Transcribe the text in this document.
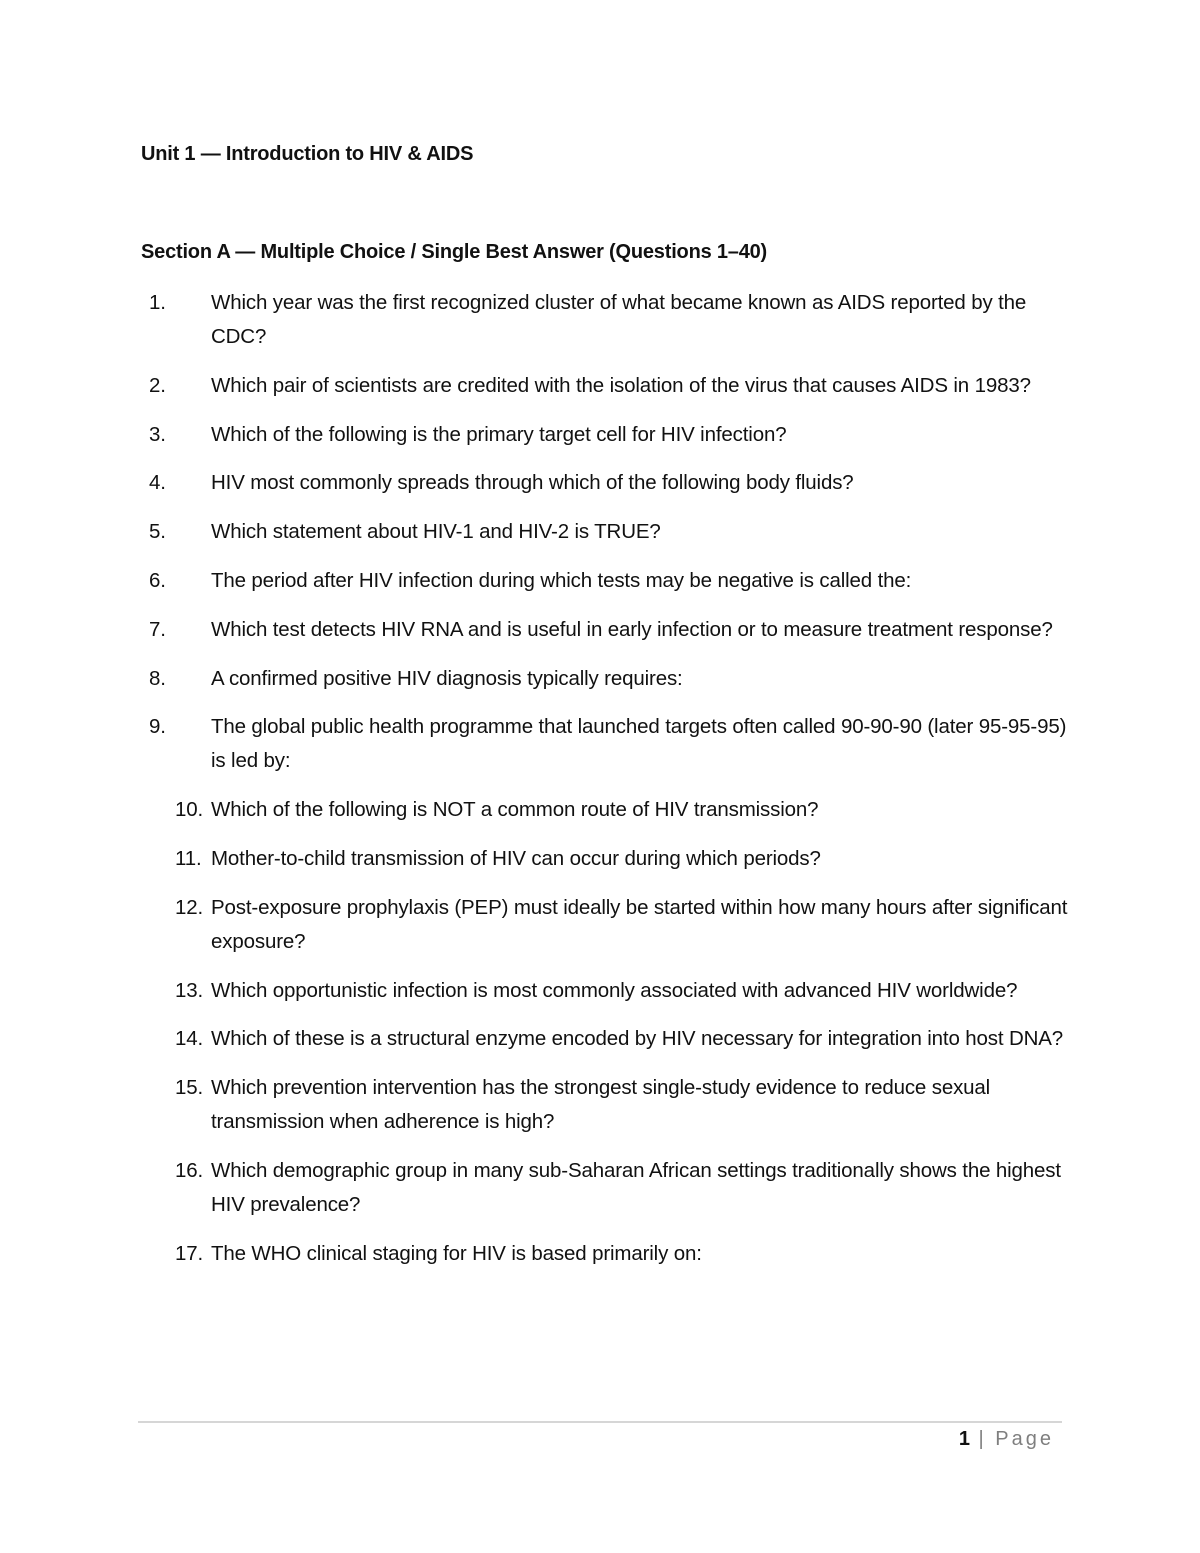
Unit 1 — Introduction to HIV & AIDS
Section A — Multiple Choice / Single Best Answer (Questions 1–40)
1.	Which year was the first recognized cluster of what became known as AIDS reported by the CDC?
2.	Which pair of scientists are credited with the isolation of the virus that causes AIDS in 1983?
3.	Which of the following is the primary target cell for HIV infection?
4.	HIV most commonly spreads through which of the following body fluids?
5.	Which statement about HIV-1 and HIV-2 is TRUE?
6.	The period after HIV infection during which tests may be negative is called the:
7.	Which test detects HIV RNA and is useful in early infection or to measure treatment response?
8.	A confirmed positive HIV diagnosis typically requires:
9.	The global public health programme that launched targets often called 90-90-90 (later 95-95-95) is led by:
10. Which of the following is NOT a common route of HIV transmission?
11. Mother-to-child transmission of HIV can occur during which periods?
12. Post-exposure prophylaxis (PEP) must ideally be started within how many hours after significant exposure?
13. Which opportunistic infection is most commonly associated with advanced HIV worldwide?
14. Which of these is a structural enzyme encoded by HIV necessary for integration into host DNA?
15. Which prevention intervention has the strongest single-study evidence to reduce sexual transmission when adherence is high?
16. Which demographic group in many sub-Saharan African settings traditionally shows the highest HIV prevalence?
17. The WHO clinical staging for HIV is based primarily on:
1 | Page
